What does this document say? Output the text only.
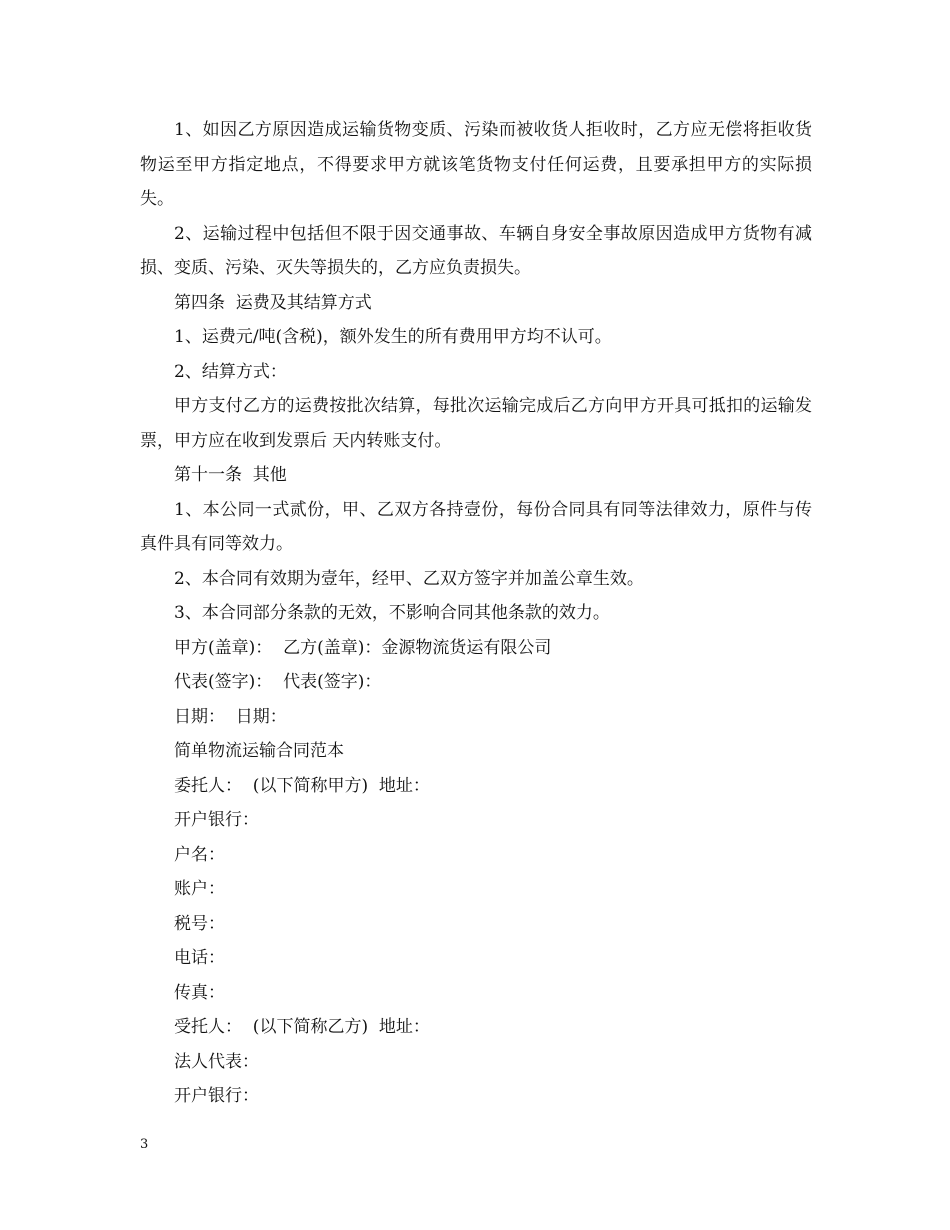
1、如因乙方原因造成运输货物变质、污染而被收货人拒收时，乙方应无偿将拒收货物运至甲方指定地点，不得要求甲方就该笔货物支付任何运费，且要承担甲方的实际损失。

2、运输过程中包括但不限于因交通事故、车辆自身安全事故原因造成甲方货物有减损、变质、污染、灭失等损失的，乙方应负责损失。

第四条  运费及其结算方式

1、运费元/吨(含税)，额外发生的所有费用甲方均不认可。

2、结算方式：

甲方支付乙方的运费按批次结算，每批次运输完成后乙方向甲方开具可抵扣的运输发票，甲方应在收到发票后 天内转账支付。

第十一条  其他

1、本公同一式贰份，甲、乙双方各持壹份，每份合同具有同等法律效力，原件与传真件具有同等效力。

2、本合同有效期为壹年，经甲、乙双方签字并加盖公章生效。

3、本合同部分条款的无效，不影响合同其他条款的效力。

甲方(盖章)：  乙方(盖章)：金源物流货运有限公司

代表(签字)：  代表(签字)：

日期：  日期：

简单物流运输合同范本

委托人：  (以下简称甲方)  地址：

开户银行：

户名：

账户：

税号：

电话：

传真：

受托人：  (以下简称乙方)  地址：

法人代表：

开户银行：

3
